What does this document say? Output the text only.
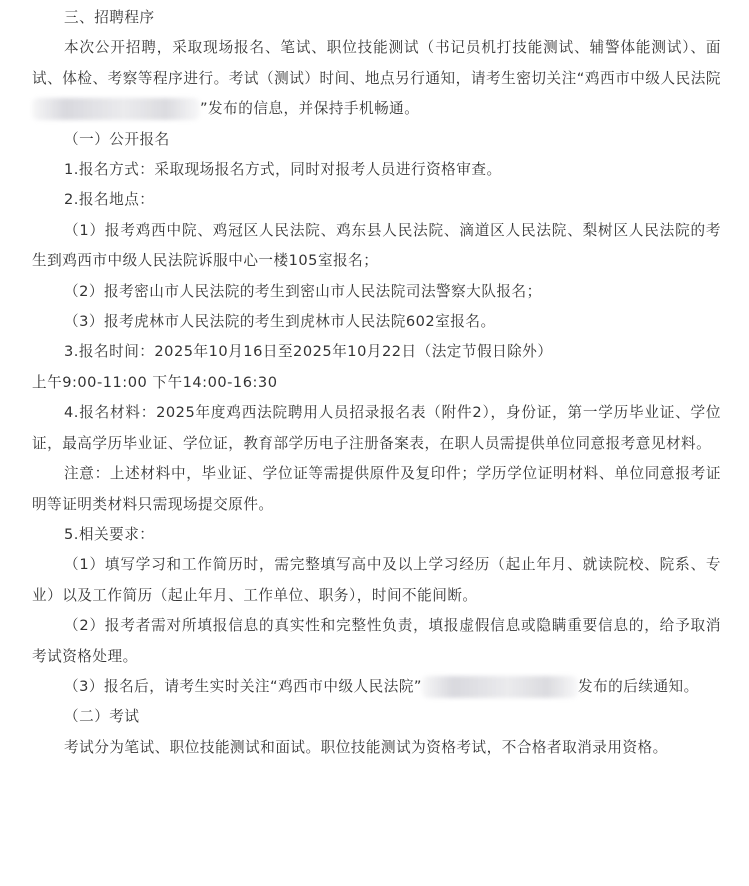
三、招聘程序

本次公开招聘，采取现场报名、笔试、职位技能测试（书记员机打技能测试、辅警体能测试）、面试、体检、考察等程序进行。考试（测试）时间、地点另行通知，请考生密切关注“鸡西市中级人民法院”发布的信息，并保持手机畅通。

（一）公开报名

1.报名方式：采取现场报名方式，同时对报考人员进行资格审查。

2.报名地点：

（1）报考鸡西中院、鸡冠区人民法院、鸡东县人民法院、滴道区人民法院、梨树区人民法院的考生到鸡西市中级人民法院诉服中心一楼105室报名；

（2）报考密山市人民法院的考生到密山市人民法院司法警察大队报名；

（3）报考虎林市人民法院的考生到虎林市人民法院602室报名。

3.报名时间：2025年10月16日至2025年10月22日（法定节假日除外）

上午9:00-11:00 下午14:00-16:30

4.报名材料：2025年度鸡西法院聘用人员招录报名表（附件2），身份证，第一学历毕业证、学位证，最高学历毕业证、学位证，教育部学历电子注册备案表，在职人员需提供单位同意报考意见材料。

注意：上述材料中，毕业证、学位证等需提供原件及复印件；学历学位证明材料、单位同意报考证明等证明类材料只需现场提交原件。

5.相关要求：

（1）填写学习和工作简历时，需完整填写高中及以上学习经历（起止年月、就读院校、院系、专业）以及工作简历（起止年月、工作单位、职务），时间不能间断。

（2）报考者需对所填报信息的真实性和完整性负责，填报虚假信息或隐瞒重要信息的，给予取消考试资格处理。

（3）报名后，请考生实时关注“鸡西市中级人民法院”	发布的后续通知。

（二）考试

考试分为笔试、职位技能测试和面试。职位技能测试为资格考试，不合格者取消录用资格。
